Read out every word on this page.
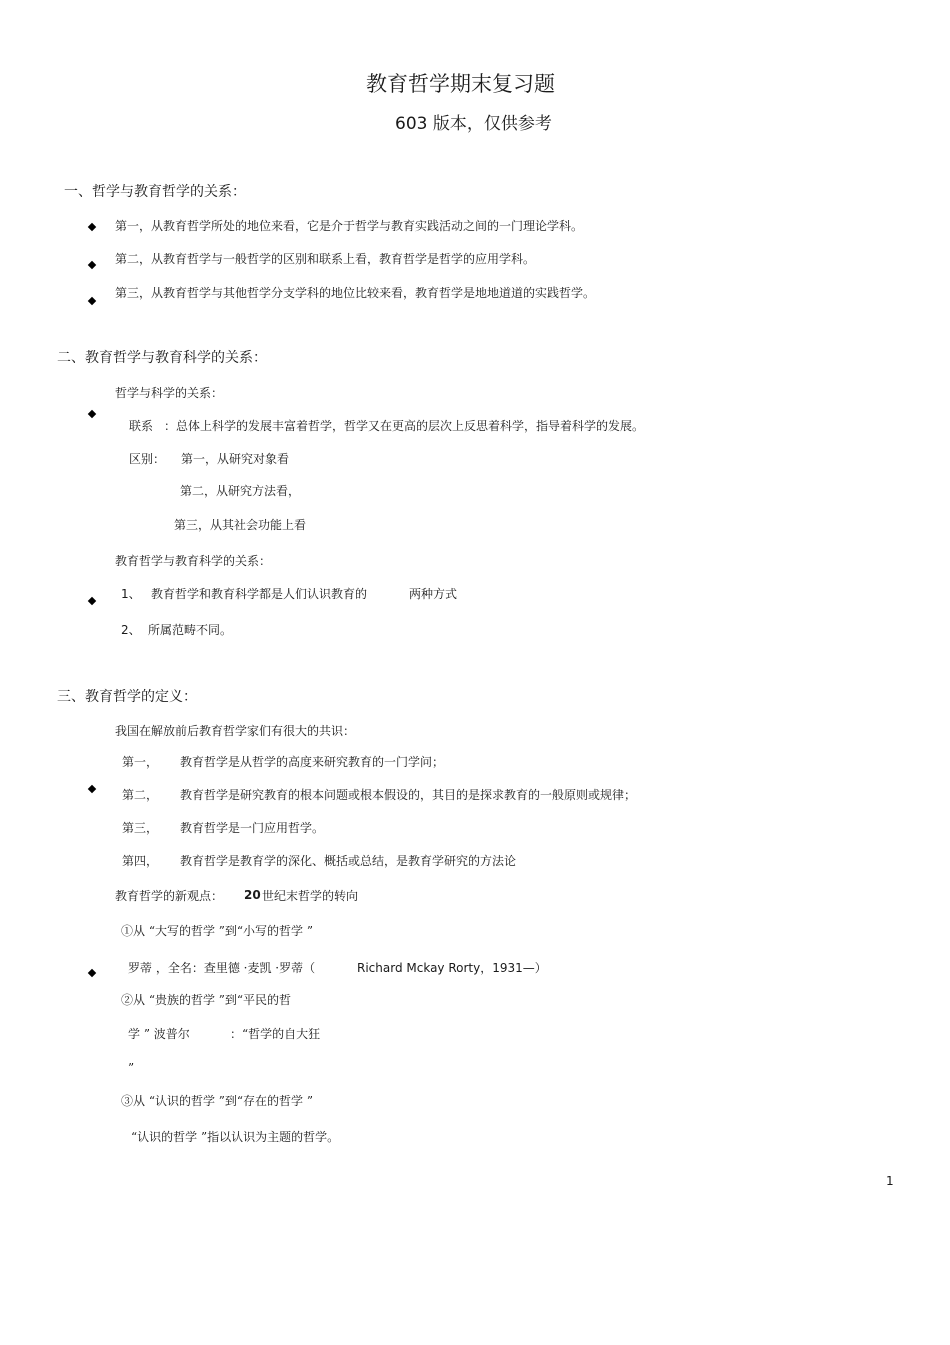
教育哲学期末复习题
603 版本，仅供参考
一、哲学与教育哲学的关系：
第一，从教育哲学所处的地位来看，它是介于哲学与教育实践活动之间的一门理论学科。
第二，从教育哲学与一般哲学的区别和联系上看，教育哲学是哲学的应用学科。
第三，从教育哲学与其他哲学分支学科的地位比较来看，教育哲学是地地道道的实践哲学。
二、教育哲学与教育科学的关系：
哲学与科学的关系：
联系 ：总体上科学的发展丰富着哲学，哲学又在更高的层次上反思着科学，指导着科学的发展。
区别： 第一，从研究对象看
第二，从研究方法看，
第三，从其社会功能上看
教育哲学与教育科学的关系：
1、 教育哲学和教育科学都是人们认识教育的	两种方式
2、 所属范畴不同。
三、教育哲学的定义：
我国在解放前后教育哲学家们有很大的共识：
第一， 教育哲学是从哲学的高度来研究教育的一门学问；
第二， 教育哲学是研究教育的根本问题或根本假设的，其目的是探求教育的一般原则或规律；
第三， 教育哲学是一门应用哲学。
第四， 教育哲学是教育学的深化、概括或总结，是教育学研究的方法论
教育哲学的新观点： 20 世纪末哲学的转向
①从 “大写的哲学 ”到“小写的哲学 ”
罗蒂 ，全名：查里德 ·麦凯 ·罗蒂（	Richard Mckay Rorty，1931—）
②从 “贵族的哲学 ”到“平民的哲
学 ” 波普尔	：“哲学的自大狂
”
③从 “认识的哲学 ”到“存在的哲学 ”
“认识的哲学 ”指以认识为主题的哲学。
1
